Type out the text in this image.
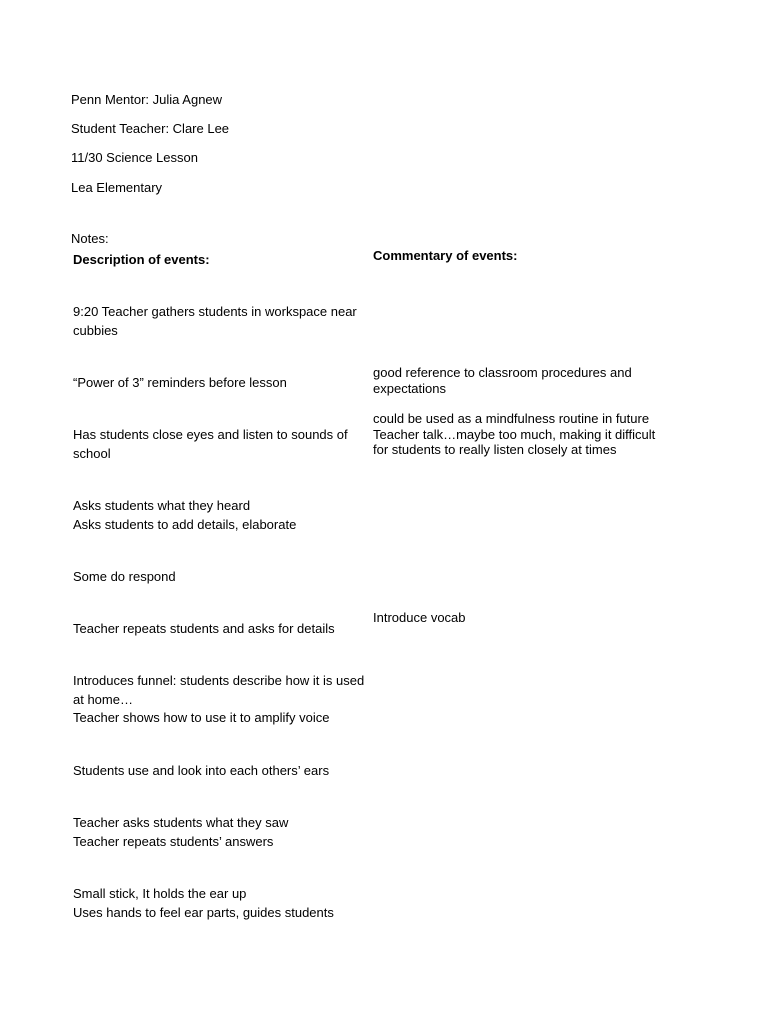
Penn Mentor: Julia Agnew
Student Teacher: Clare Lee
11/30 Science Lesson
Lea Elementary
Notes:
Description of events:	Commentary of events:
9:20 Teacher gathers students in workspace near
cubbies
“Power of 3” reminders before lesson
Has students close eyes and listen to sounds of
school
Asks students what they heard
Asks students to add details, elaborate
Some do respond
Teacher repeats students and asks for details
Introduces funnel: students describe how it is used
at home…
Teacher shows how to use it to amplify voice
Students use and look into each others’ ears
Teacher asks students what they saw
Teacher repeats students’ answers
Small stick, It holds the ear up
Uses hands to feel ear parts, guides students
good reference to classroom procedures and
expectations
could be used as a mindfulness routine in future
Teacher talk…maybe too much, making it difficult
for students to really listen closely at times
Introduce vocab
